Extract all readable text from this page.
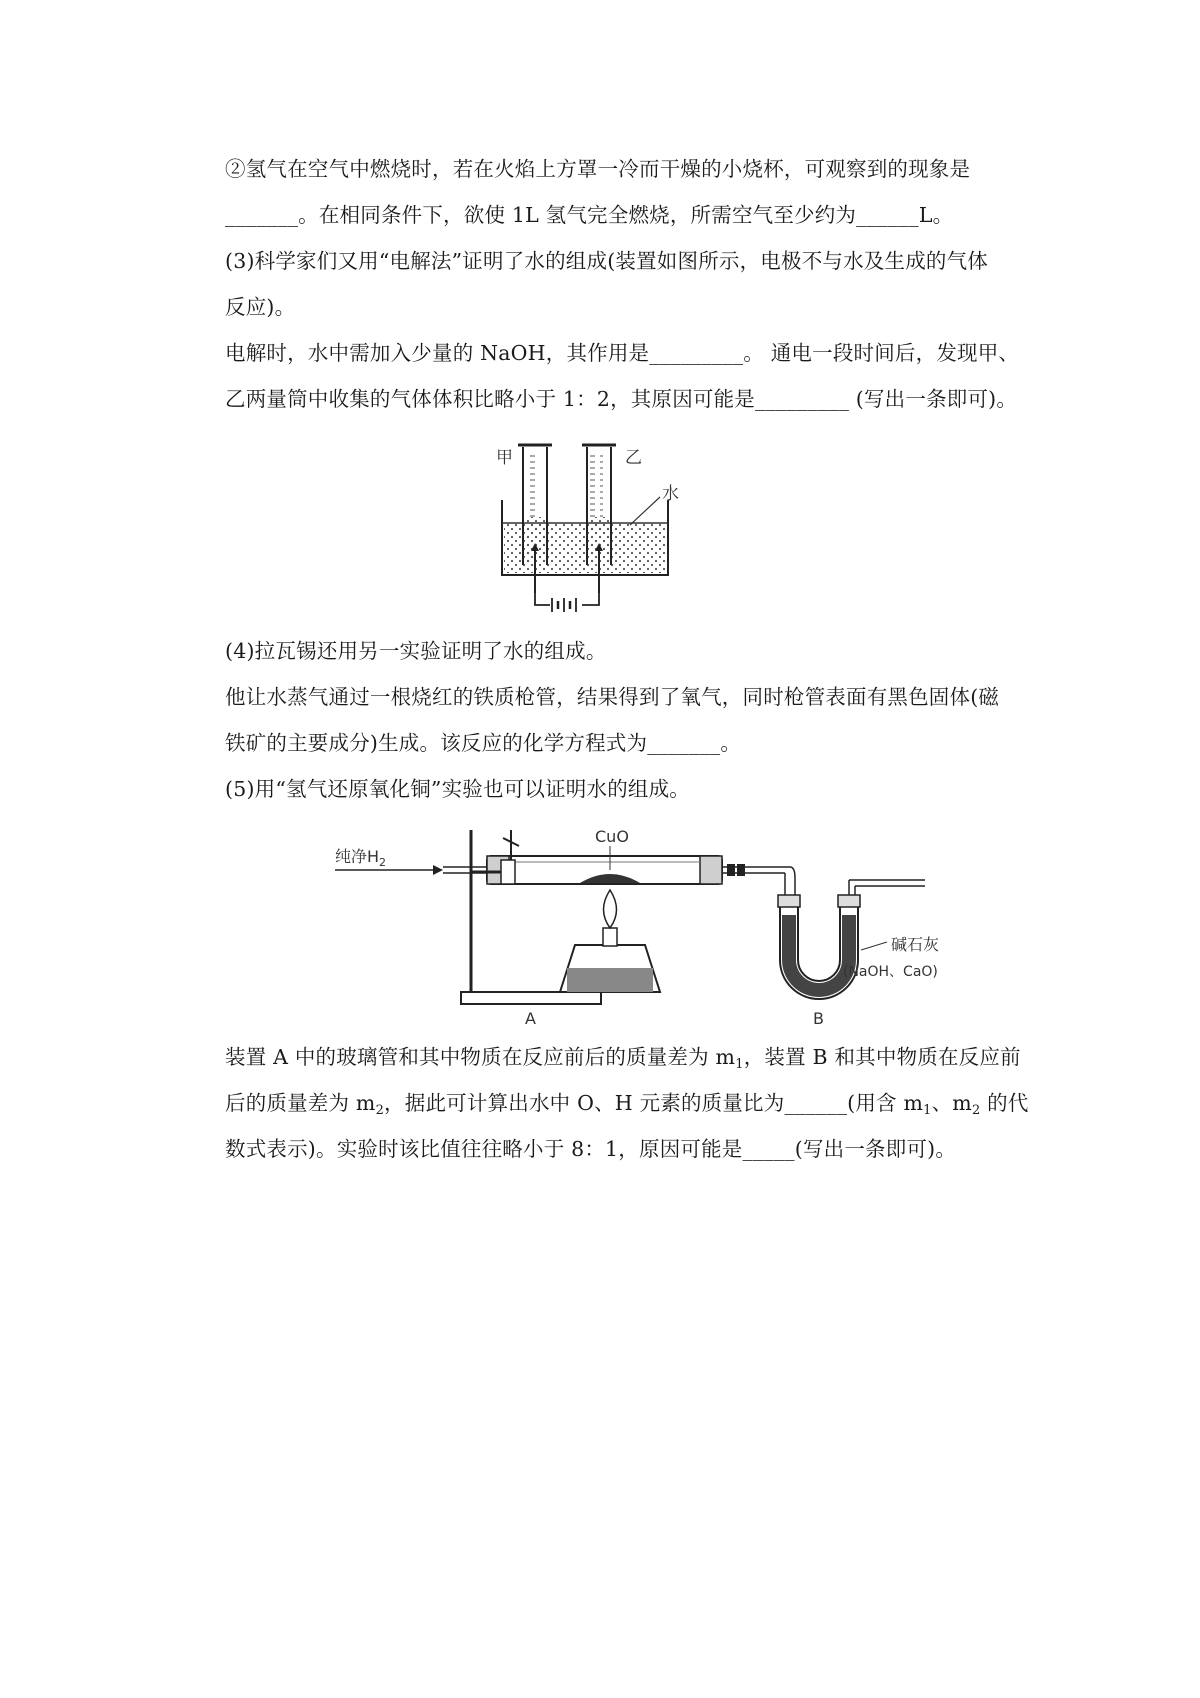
②氢气在空气中燃烧时，若在火焰上方罩一冷而干燥的小烧杯，可观察到的现象是
_______。在相同条件下，欲使 1L 氢气完全燃烧，所需空气至少约为______L。
(3)科学家们又用“电解法”证明了水的组成(装置如图所示，电极不与水及生成的气体
反应)。
电解时，水中需加入少量的 NaOH，其作用是_________。 通电一段时间后，发现甲、
乙两量筒中收集的气体体积比略小于 1：2，其原因可能是_________ (写出一条即可)。
甲	乙
水
(4)拉瓦锡还用另一实验证明了水的组成。
他让水蒸气通过一根烧红的铁质枪管，结果得到了氧气，同时枪管表面有黑色固体(磁
铁矿的主要成分)生成。该反应的化学方程式为_______。
(5)用“氢气还原氧化铜”实验也可以证明水的组成。
纯净$H_2$
CuO
碱石灰
(NaOH、CaO)
A	B
装置 A 中的玻璃管和其中物质在反应前后的质量差为 $m_1$，装置 B 和其中物质在反应前
后的质量差为 $m_2$，据此可计算出水中 O、H 元素的质量比为______(用含 $m_1$、$m_2$ 的代
数式表示)。实验时该比值往往略小于 8：1，原因可能是_____(写出一条即可)。
